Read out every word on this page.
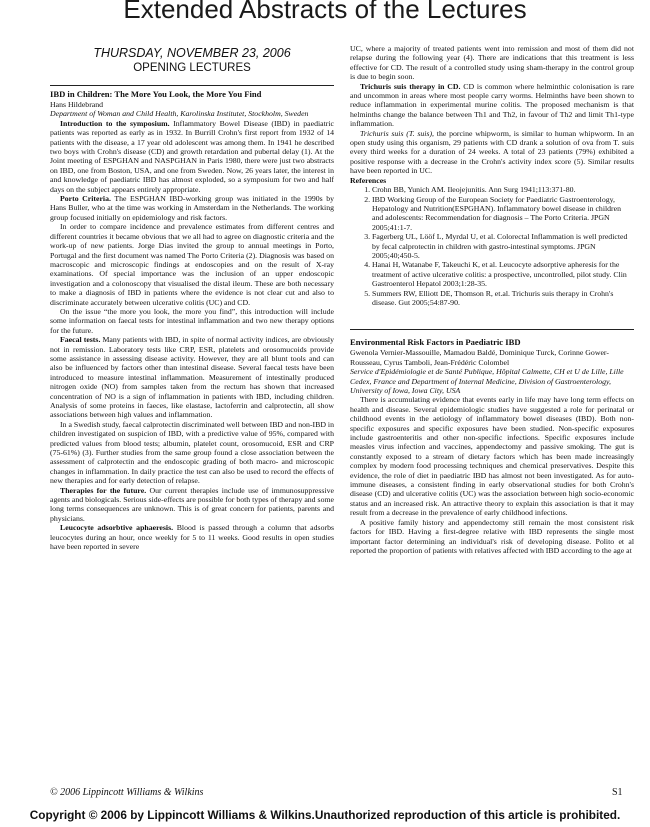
Extended Abstracts of the Lectures
THURSDAY, NOVEMBER 23, 2006
OPENING LECTURES
IBD in Children: The More You Look, the More You Find
Hans Hildebrand
Department of Woman and Child Health, Karolinska Institutet, Stockholm, Sweden

Introduction to the symposium. Inflammatory Bowel Disease (IBD) in paediatric patients was reported as early as in 1932. In Burrill Crohn's first report from 1932 of 14 patients with the disease, a 17 year old adolescent was among them. In 1941 he described two boys with Crohn's disease (CD) and growth retardation and pubertal delay (1). At the Joint meeting of ESPGHAN and NASPGHAN in Paris 1980, there were just two abstracts on IBD, one from Boston, USA, and one from Sweden. Now, 26 years later, the interest in and knowledge of paediatric IBD has almost exploded, so a symposium for two and half days on the subject appears entirely appropriate.

Porto Criteria. The ESPGHAN IBD-working group was initiated in the 1990s by Hans Buller, who at the time was working in Amsterdam in the Netherlands. The working group focused initially on epidemiology and risk factors.

In order to compare incidence and prevalence estimates from different centres and different countries it became obvious that we all had to agree on diagnostic criteria and the work-up of new patients. Jorge Dias invited the group to annual meetings in Porto, Portugal and the first document was named The Porto Criteria (2). Diagnosis was based on macroscopic and microscopic findings at endoscopies and on the result of X-ray examinations. Of special importance was the inclusion of an upper endoscopic investigation and a colonoscopy that visualised the distal ileum. These are both necessary to make a diagnosis of IBD in patients where the evidence is not clear cut and also to discriminate accurately between ulcerative colitis (UC) and CD.

On the issue “the more you look, the more you find”, this introduction will include some information on faecal tests for intestinal inflammation and two new therapy options for the future.

Faecal tests. Many patients with IBD, in spite of normal activity indices, are obviously not in remission. Laboratory tests like CRP, ESR, platelets and orosomucoids provide some assistance in assessing disease activity. However, they are all blunt tools and can also be influenced by factors other than intestinal disease. Several faecal tests have been introduced to measure intestinal inflammation. Measurement of intestinally produced nitrogen oxide (NO) from samples taken from the rectum has shown that increased concentration of NO is a sign of inflammation in patients with IBD, including children. Analysis of some proteins in faeces, like elastase, lactoferrin and calprotectin, all show associations between high values and inflammation.

In a Swedish study, faecal calprotectin discriminated well between IBD and non-IBD in children investigated on suspicion of IBD, with a predictive value of 95%, compared with predicted values from blood tests; albumin, platelet count, orosomucoid, ESR and CRP (75-61%) (3). Further studies from the same group found a close association between the assessment of calprotectin and the endoscopic grading of both macro- and microscopic changes in inflammation. In daily practice the test can also be used to record the effects of new therapies and for early detection of relapse.

Therapies for the future. Our current therapies include use of immunosuppressive agents and biologicals. Serious side-effects are possible for both types of therapy and some long terms consequences are unknown. This is of great concern for patients, parents and physicians.

Leucocyte adsorbtive aphaeresis. Blood is passed through a column that adsorbs leucocytes during an hour, once weekly for 5 to 11 weeks. Good results in open studies have been reported in severe

UC, where a majority of treated patients went into remission and most of them did not relapse during the following year (4). There are indications that this treatment is less effective for CD. The result of a controlled study using sham-therapy in the control group is due to begin soon.

Trichuris suis therapy in CD. CD is common where helminthic colonisation is rare and uncommon in areas where most people carry worms. Helminths have been shown to reduce inflammation in experimental murine colitis. The proposed mechanism is that helminths change the balance between Th1 and Th2, in favour of Th2 and limit Th1-type inflammation.

Trichuris suis (T. suis), the porcine whipworm, is similar to human whipworm. In an open study using this organism, 29 patients with CD drank a solution of ova from T. suis every third weeks for a duration of 24 weeks. A total of 23 patients (79%) exhibited a positive response with a decrease in the Crohn's activity index score (5). Similar results have been reported in UC.

References
1. Crohn BB, Yunich AM. Ileojejunitis. Ann Surg 1941;113:371-80.
2. IBD Working Group of the European Society for Paediatric Gastroenterology, Hepatology and Nutrition(ESPGHAN). Inflammatory bowel disease in children and adolescents: Recommendation for diagnosis – The Porto Criteria. JPGN 2005;41:1-7.
3. Fagerberg UL, Lööf L, Myrdal U, et al. Colorectal Inflammation is well predicted by fecal calprotectin in children with gastro-intestinal symptoms. JPGN 2005;40;450-5.
4. Hanai H, Watanabe F, Takeuchi K, et al. Leucocyte adsorptive apheresis for the treatment of active ulcerative colitis: a prospective, uncontrolled, pilot study. Clin Gastroenterol Hepatol 2003;1:28-35.
5. Summers RW, Elliott DE, Thomson R, et.al. Trichuris suis therapy in Crohn's disease. Gut 2005;54:87-90.
Environmental Risk Factors in Paediatric IBD
Gwenola Vernier-Massouille, Mamadou Baldé, Dominique Turck, Corinne Gower-Rousseau, Cyrus Tamboli, Jean-Frédéric Colombel
Service d'Epidémiologie et de Santé Publique, Hôpital Calmette, CH et U de Lille, Lille Cedex, France and Department of Internal Medicine, Division of Gastroenterology, University of Iowa, Iowa City, USA

There is accumulating evidence that events early in life may have long term effects on health and disease. Several epidemiologic studies have suggested a role for perinatal or childhood events in the aetiology of inflammatory bowel diseases (IBD). Both non-specific exposures and specific exposures have been studied. Non-specific exposures include gastroenteritis and other non-specific infections. Specific exposures include measles virus infection and vaccines, appendectomy and passive smoking. The gut is constantly exposed to a stream of dietary factors which has been made increasingly complex by modern food processing techniques and chemical preservatives. Despite this evidence, the role of diet in paediatric IBD has almost not been investigated. As for auto-immune diseases, a consistent finding in early observational studies for both Crohn's disease (CD) and ulcerative colitis (UC) was the association between high socio-economic status and an increased risk. An attractive theory to explain this association is that it may result from a decrease in the prevalence of early childhood infections.

A positive family history and appendectomy still remain the most consistent risk factors for IBD. Having a first-degree relative with IBD represents the single most important factor determining an individual's risk of developing disease. Polito et al reported the proportion of patients with relatives affected with IBD according to the age at

© 2006 Lippincott Williams & Wilkins	S1
Copyright © 2006 by Lippincott Williams & Wilkins.Unauthorized reproduction of this article is prohibited.
